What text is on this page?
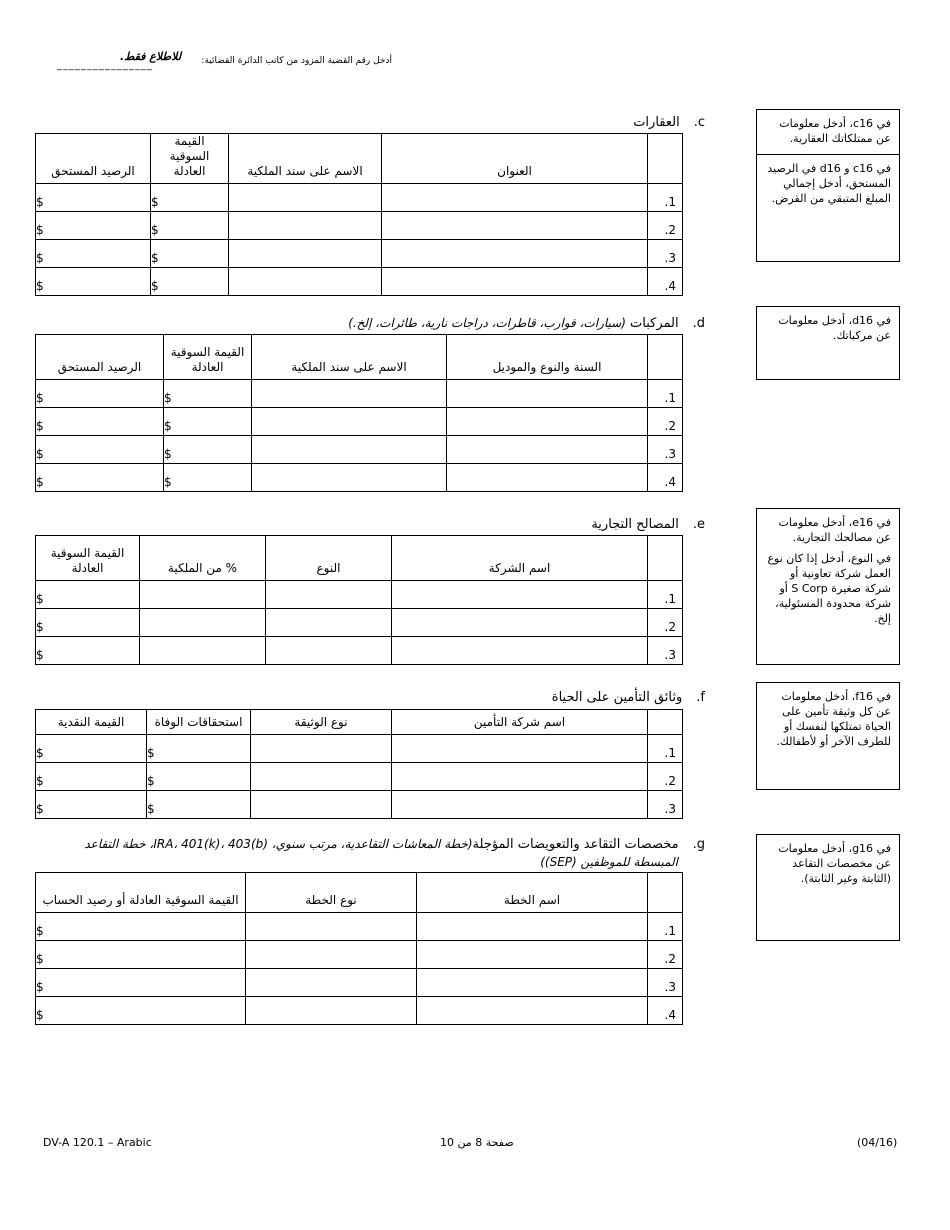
أدخل رقم القضية المزود من كاتب الدائرة القضائية:
________________
للاطلاع فقط.
c.العقارات
	العنوان	الاسم على سند الملكية	القيمة السوقية العادلة	الرصيد المستحق
1.			$	$
2.			$	$
3.			$	$
4.			$	$
في c16، أدخل معلومات عن ممتلكاتك العقارية.
في c16 و d16 في الرصيد المستحق، أدخل إجمالي المبلغ المتبقي من القرض.
d.المركبات (سيارات، قوارب، قاطرات، دراجات نارية، طائرات، إلخ.)
	السنة والنوع والموديل	الاسم على سند الملكية	القيمة السوقية العادلة	الرصيد المستحق
1.			$	$
2.			$	$
3.			$	$
4.			$	$
في d16، أدخل معلومات عن مركباتك.
e.المصالح التجارية
	اسم الشركة	النوع	% من الملكية	القيمة السوقية العادلة
1.				$
2.				$
3.				$
في e16، أدخل معلومات عن مصالحك التجارية.
في النوع، أدخل إذا كان نوع العمل شركة تعاونية أو شركة صغيرة S Corp أو شركة محدودة المسئولية، إلخ.
f.وثائق التأمين على الحياة
	اسم شركة التأمين	نوع الوثيقة	استحقاقات الوفاة	القيمة النقدية
1.			$	$
2.			$	$
3.			$	$
في f16، أدخل معلومات عن كل وثيقة تأمين على الحياة تمتلكها لنفسك أو للطرف الآخر أو لأطفالك.
g.مخصصات التقاعد والتعويضات المؤجلة(خطة المعاشات التقاعدية، مرتب سنوي، IRA، 401(k)، 403(b)، خطة التقاعد
المبسطة للموظفين (SEP))
	اسم الخطة	نوع الخطة	القيمة السوقية العادلة أو رصيد الحساب
1.			$
2.			$
3.			$
4.			$
في g16، أدخل معلومات عن مخصصات التقاعد (الثابتة وغير الثابتة).
DV-A 120.1 – Arabic	صفحة 8 من 10	(04/16)
